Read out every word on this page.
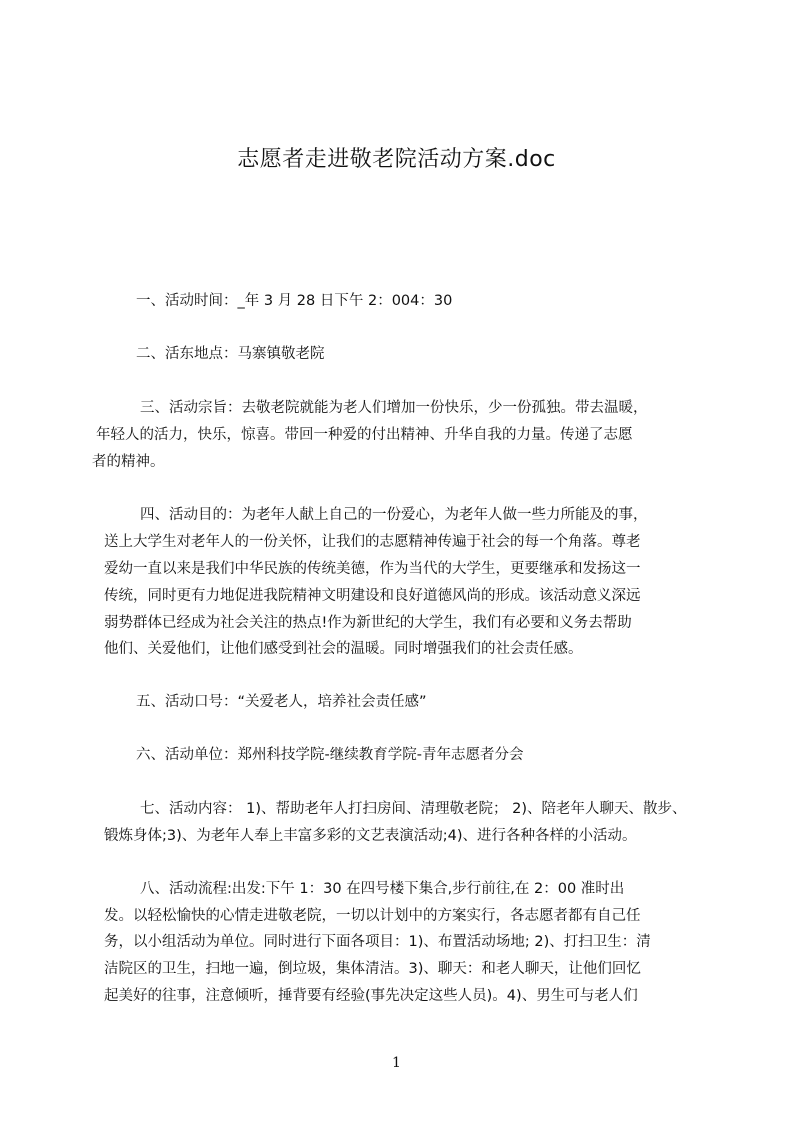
志愿者走进敬老院活动方案.doc
一、活动时间：_年 3 月 28 日下午 2：004：30
二、活东地点：马寨镇敬老院
三、活动宗旨：去敬老院就能为老人们增加一份快乐，少一份孤独。带去温暖，
年轻人的活力，快乐，惊喜。带回一种爱的付出精神、升华自我的力量。传递了志愿
者的精神。
四、活动目的：为老年人献上自己的一份爱心，为老年人做一些力所能及的事，
送上大学生对老年人的一份关怀，让我们的志愿精神传遍于社会的每一个角落。尊老
爱幼一直以来是我们中华民族的传统美德，作为当代的大学生，更要继承和发扬这一
传统，同时更有力地促进我院精神文明建设和良好道德风尚的形成。该活动意义深远
弱势群体已经成为社会关注的热点!作为新世纪的大学生，我们有必要和义务去帮助
他们、关爱他们，让他们感受到社会的温暖。同时增强我们的社会责任感。
五、活动口号：“关爱老人，培养社会责任感”
六、活动单位：郑州科技学院-继续教育学院-青年志愿者分会
七、活动内容： 1)、帮助老年人打扫房间、清理敬老院； 2)、陪老年人聊天、散步、
锻炼身体;3)、为老年人奉上丰富多彩的文艺表演活动;4)、进行各种各样的小活动。
八、活动流程:出发:下午 1：30 在四号楼下集合,步行前往,在 2：00 准时出
发。以轻松愉快的心情走进敬老院，一切以计划中的方案实行，各志愿者都有自己任
务，以小组活动为单位。同时进行下面各项目：1)、布置活动场地; 2)、打扫卫生：清
洁院区的卫生，扫地一遍，倒垃圾，集体清洁。3)、聊天：和老人聊天，让他们回忆
起美好的往事，注意倾听，捶背要有经验(事先决定这些人员)。4)、男生可与老人们
1
